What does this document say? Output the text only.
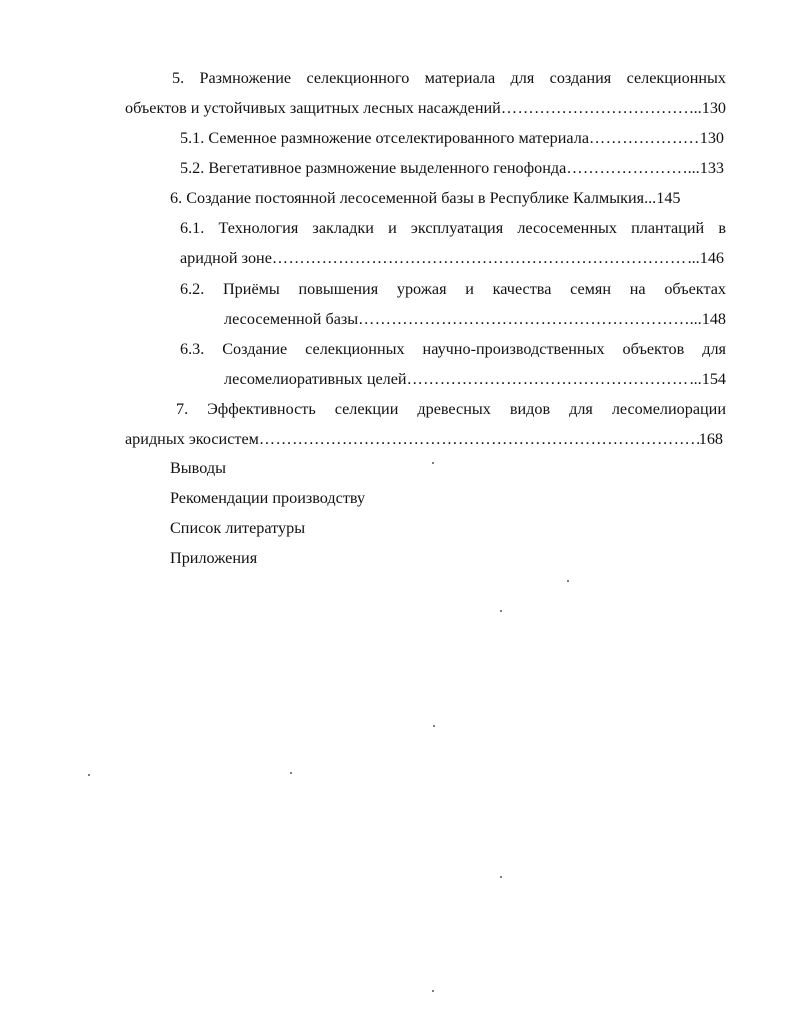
5. Размножение селекционного материала для создания селекционных
объектов и устойчивых защитных лесных насаждений …………………………………………………………………………………………………………………………………………………………………………………………	..130
5.1. Семенное размножение отселектированного материала …………………………………………………………………………………………………………………………………………………………………………………………	130
5.2. Вегетативное размножение выделенного генофонда …………………………………………………………………………………………………………………………………………………………………………………………	...133
6. Создание постоянной лесосеменной базы в Республике Калмыкия ...145
6.1. Технология закладки и эксплуатация лесосеменных плантаций в
аридной зоне …………………………………………………………………………………………………………………………………………………………………………………………	...146
6.2. Приёмы повышения урожая и качества семян на объектах
лесосеменной базы …………………………………………………………………………………………………………………………………………………………………………………………	...148
6.3. Создание селекционных научно-производственных объектов для
лесомелиоративных целей …………………………………………………………………………………………………………………………………………………………………………………………	...154
7. Эффективность селекции древесных видов для лесомелиорации
аридных экосистем …………………………………………………………………………………………………………………………………………………………………………………………	168
Выводы
Рекомендации производству
Список литературы
Приложения
